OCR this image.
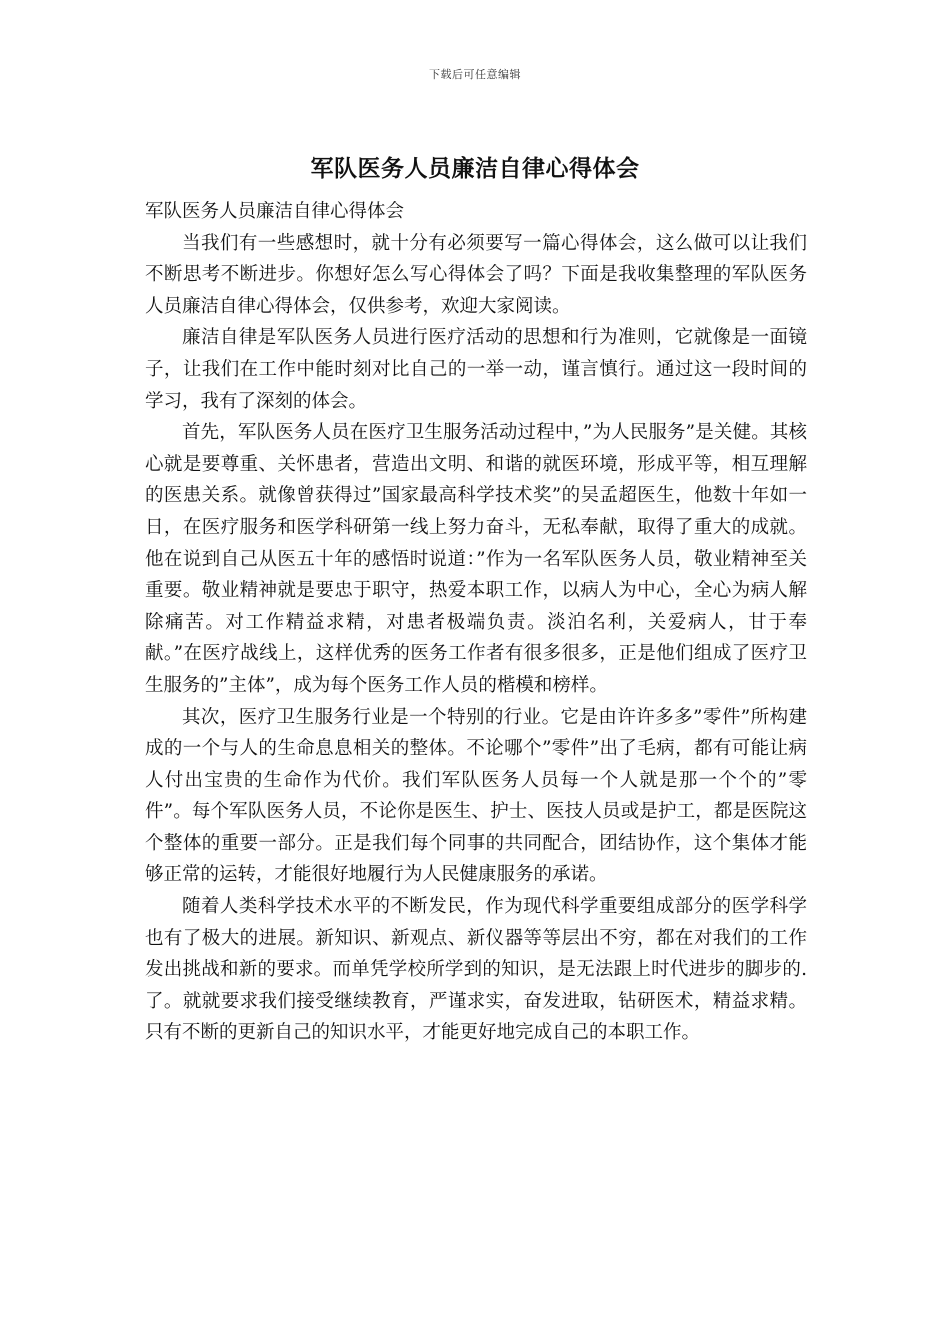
下载后可任意编辑
军队医务人员廉洁自律心得体会

军队医务人员廉洁自律心得体会

当我们有一些感想时，就十分有必须要写一篇心得体会，这么做可以让我们不断思考不断进步。你想好怎么写心得体会了吗？下面是我收集整理的军队医务人员廉洁自律心得体会，仅供参考，欢迎大家阅读。

廉洁自律是军队医务人员进行医疗活动的思想和行为准则，它就像是一面镜子，让我们在工作中能时刻对比自己的一举一动，谨言慎行。通过这一段时间的学习，我有了深刻的体会。

首先，军队医务人员在医疗卫生服务活动过程中，”为人民服务”是关健。其核心就是要尊重、关怀患者，营造出文明、和谐的就医环境，形成平等，相互理解的医患关系。就像曾获得过”国家最高科学技术奖”的吴孟超医生，他数十年如一日，在医疗服务和医学科研第一线上努力奋斗，无私奉献，取得了重大的成就。他在说到自己从医五十年的感悟时说道：”作为一名军队医务人员，敬业精神至关重要。敬业精神就是要忠于职守，热爱本职工作，以病人为中心，全心为病人解除痛苦。对工作精益求精，对患者极端负责。淡泊名利，关爱病人，甘于奉献。”在医疗战线上，这样优秀的医务工作者有很多很多，正是他们组成了医疗卫生服务的”主体”，成为每个医务工作人员的楷模和榜样。

其次，医疗卫生服务行业是一个特别的行业。它是由许许多多”零件”所构建成的一个与人的生命息息相关的整体。不论哪个”零件”出了毛病，都有可能让病人付出宝贵的生命作为代价。我们军队医务人员每一个人就是那一个个的”零件”。每个军队医务人员，不论你是医生、护士、医技人员或是护工，都是医院这个整体的重要一部分。正是我们每个同事的共同配合，团结协作，这个集体才能够正常的运转，才能很好地履行为人民健康服务的承诺。

随着人类科学技术水平的不断发民，作为现代科学重要组成部分的医学科学也有了极大的进展。新知识、新观点、新仪器等等层出不穷，都在对我们的工作发出挑战和新的要求。而单凭学校所学到的知识，是无法跟上时代进步的脚步的.了。就就要求我们接受继续教育，严谨求实，奋发进取，钻研医术，精益求精。只有不断的更新自己的知识水平，才能更好地完成自己的本职工作。
